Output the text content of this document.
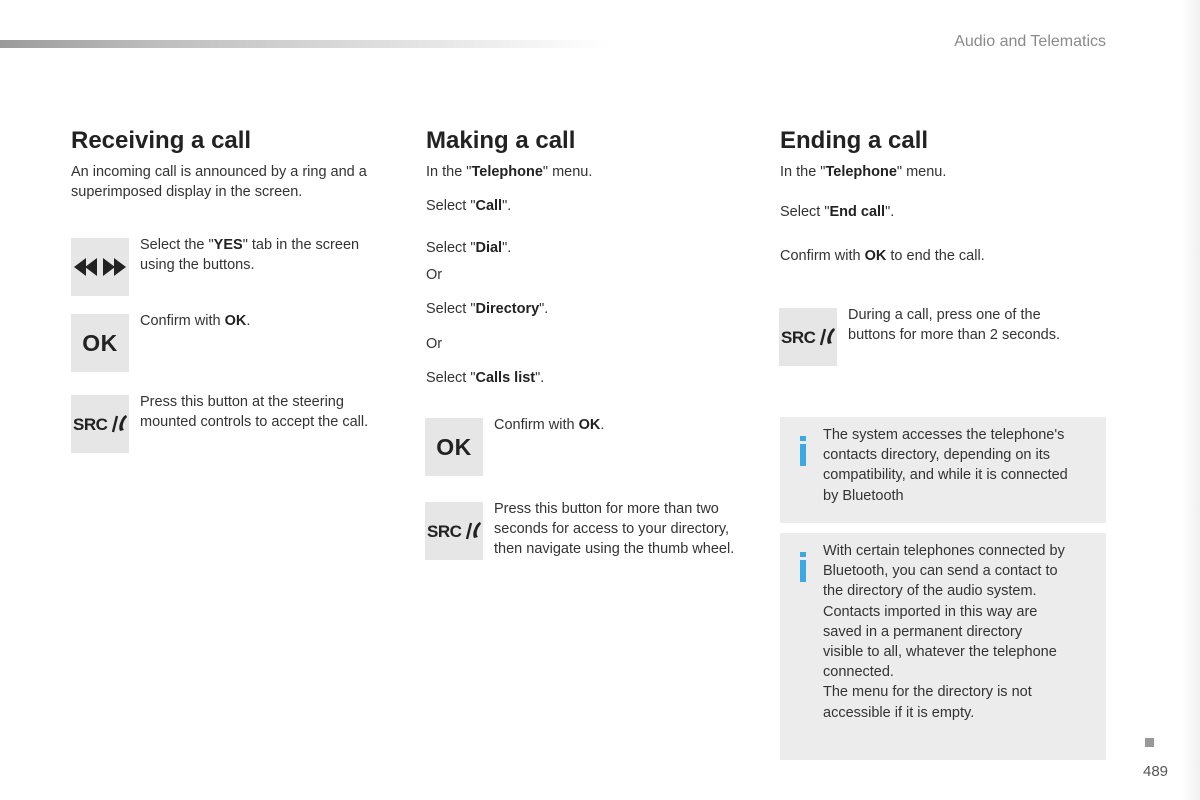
Audio and Telematics
Receiving a call
An incoming call is announced by a ring and a
superimposed display in the screen.
Select the "YES" tab in the screen
using the buttons.
OK
Confirm with OK.
SRC
Press this button at the steering
mounted controls to accept the call.
Making a call
In the "Telephone" menu.
Select "Call".
Select "Dial".
Or
Select "Directory".
Or
Select "Calls list".
OK
Confirm with OK.
SRC
Press this button for more than two
seconds for access to your directory,
then navigate using the thumb wheel.
Ending a call
In the "Telephone" menu.
Select "End call".
Confirm with OK to end the call.
SRC
During a call, press one of the
buttons for more than 2 seconds.
The system accesses the telephone's
contacts directory, depending on its
compatibility, and while it is connected
by Bluetooth
With certain telephones connected by
Bluetooth, you can send a contact to
the directory of the audio system.
Contacts imported in this way are
saved in a permanent directory
visible to all, whatever the telephone
connected.
The menu for the directory is not
accessible if it is empty.
489
